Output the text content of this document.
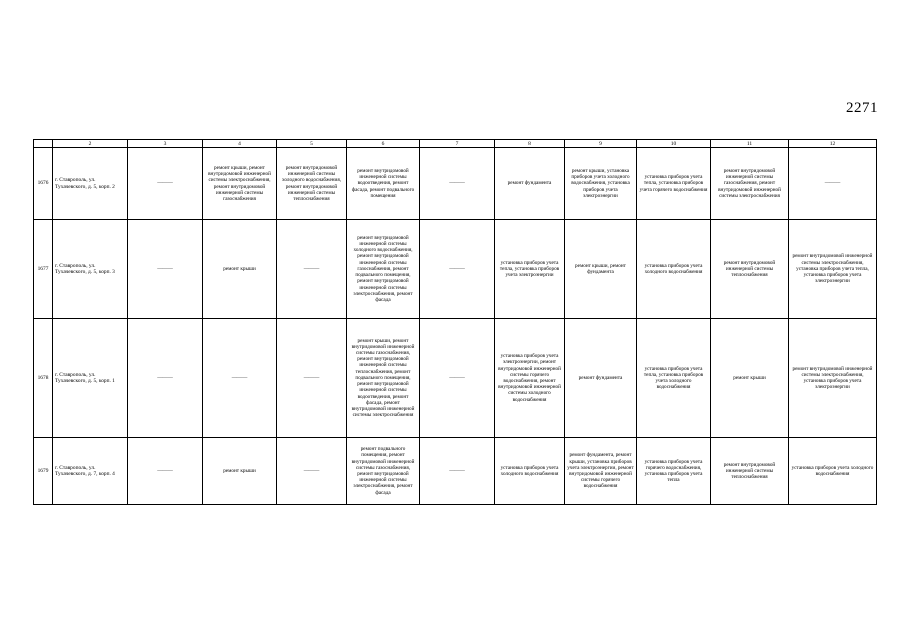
2271
	2	3	4	5	6	7	8	9	10	11	12
1676	г. Ставрополь, ул. Тухачевского, д. 5, корп. 2	———	ремонт крыши, ремонт внутридомовой инженерной системы электроснабжения, ремонт внутридомовой инженерной системы газоснабжения	ремонт внутридомовой инженерной системы холодного водоснабжения, ремонт внутридомовой инженерной системы теплоснабжения	ремонт внутридомовой инженерной системы водоотведения, ремонт фасада, ремонт подвального помещения	———	ремонт фундамента	ремонт крыши, установка приборов учета холодного водоснабжения, установка приборов учета электроэнергии	установка приборов учета тепла, установка приборов учета горячего водоснабжения	ремонт внутридомовой инженерной системы газоснабжения, ремонт внутридомовой инженерной системы электроснабжения	———
1677	г. Ставрополь, ул. Тухачевского, д. 5, корп. 3	———	ремонт крыши	———	ремонт внутридомовой инженерной системы холодного водоснабжения, ремонт внутридомовой инженерной системы газоснабжения, ремонт подвального помещения, ремонт внутридомовой инженерной системы электроснабжения, ремонт фасада	———	установка приборов учета тепла, установка приборов учета электроэнергии	ремонт крыши, ремонт фундамента	установка приборов учета холодного водоснабжения	ремонт внутридомовой инженерной системы теплоснабжения	ремонт внутридомовой инженерной системы электроснабжения, установка приборов учета тепла, установка приборов учета электроэнергии
1678	г. Ставрополь, ул. Тухачевского, д. 5, корп. 1	———	———	———	ремонт крыши, ремонт внутридомовой инженерной системы газоснабжения, ремонт внутридомовой инженерной системы теплоснабжения, ремонт подвального помещения, ремонт внутридомовой инженерной системы водоотведения, ремонт фасада, ремонт внутридомовой инженерной системы электроснабжения	———	установка приборов учета электроэнергии, ремонт внутридомовой инженерной системы горячего водоснабжения, ремонт внутридомовой инженерной системы холодного водоснабжения	ремонт фундамента	установка приборов учета тепла, установка приборов учета холодного водоснабжения	ремонт крыши	ремонт внутридомовой инженерной системы электроснабжения, установка приборов учета электроэнергии
1679	г. Ставрополь, ул. Тухачевского, д. 7, корп. 4	———	ремонт крыши	———	ремонт подвального помещения, ремонт внутридомовой инженерной системы газоснабжения, ремонт внутридомовой инженерной системы электроснабжения, ремонт фасада	———	установка приборов учета холодного водоснабжения	ремонт фундамента, ремонт крыши, установка приборов учета электроэнергии, ремонт внутридомовой инженерной системы горячего водоснабжения	установка приборов учета горячего водоснабжения, установка приборов учета тепла	ремонт внутридомовой инженерной системы теплоснабжения	установка приборов учета холодного водоснабжения
